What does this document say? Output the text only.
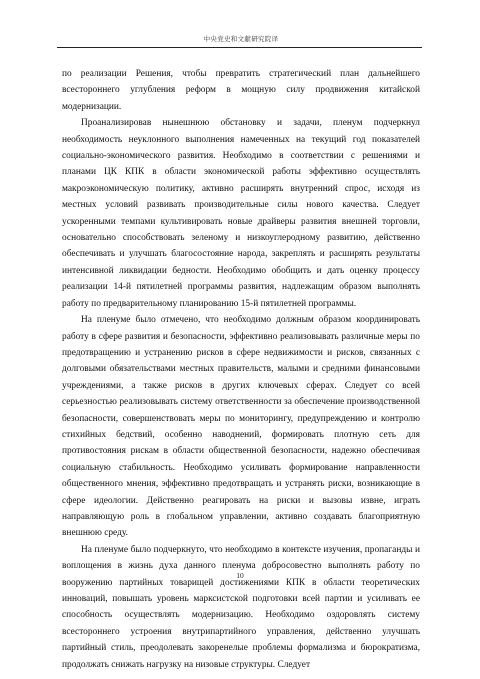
中央党史和文献研究院译

по реализации Решения, чтобы превратить стратегический план дальнейшего всестороннего углубления реформ в мощную силу продвижения китайской модернизации.

Проанализировав нынешнюю обстановку и задачи, пленум подчеркнул необходимость неуклонного выполнения намеченных на текущий год показателей социально-экономического развития. Необходимо в соответствии с решениями и планами ЦК КПК в области экономической работы эффективно осуществлять макроэкономическую политику, активно расширять внутренний спрос, исходя из местных условий развивать производительные силы нового качества. Следует ускоренными темпами культивировать новые драйверы развития внешней торговли, основательно способствовать зеленому и низкоуглеродному развитию, действенно обеспечивать и улучшать благосостояние народа, закреплять и расширять результаты интенсивной ликвидации бедности. Необходимо обобщить и дать оценку процессу реализации 14-й пятилетней программы развития, надлежащим образом выполнять работу по предварительному планированию 15-й пятилетней программы.

На пленуме было отмечено, что необходимо должным образом координировать работу в сфере развития и безопасности, эффективно реализовывать различные меры по предотвращению и устранению рисков в сфере недвижимости и рисков, связанных с долговыми обязательствами местных правительств, малыми и средними финансовыми учреждениями, а также рисков в других ключевых сферах. Следует со всей серьезностью реализовывать систему ответственности за обеспечение производственной безопасности, совершенствовать меры по мониторингу, предупреждению и контролю стихийных бедствий, особенно наводнений, формировать плотную сеть для противостояния рискам в области общественной безопасности, надежно обеспечивая социальную стабильность. Необходимо усиливать формирование направленности общественного мнения, эффективно предотвращать и устранять риски, возникающие в сфере идеологии. Действенно реагировать на риски и вызовы извне, играть направляющую роль в глобальном управлении, активно создавать благоприятную внешнюю среду.

На пленуме было подчеркнуто, что необходимо в контексте изучения, пропаганды и воплощения в жизнь духа данного пленума добросовестно выполнять работу по вооружению партийных товарищей достижениями КПК в области теоретических инноваций, повышать уровень марксистской подготовки всей партии и усиливать ее способность осуществлять модернизацию. Необходимо оздоровлять систему всестороннего устроения внутрипартийного управления, действенно улучшать партийный стиль, преодолевать закоренелые проблемы формализма и бюрократизма, продолжать снижать нагрузку на низовые структуры. Следует

10
